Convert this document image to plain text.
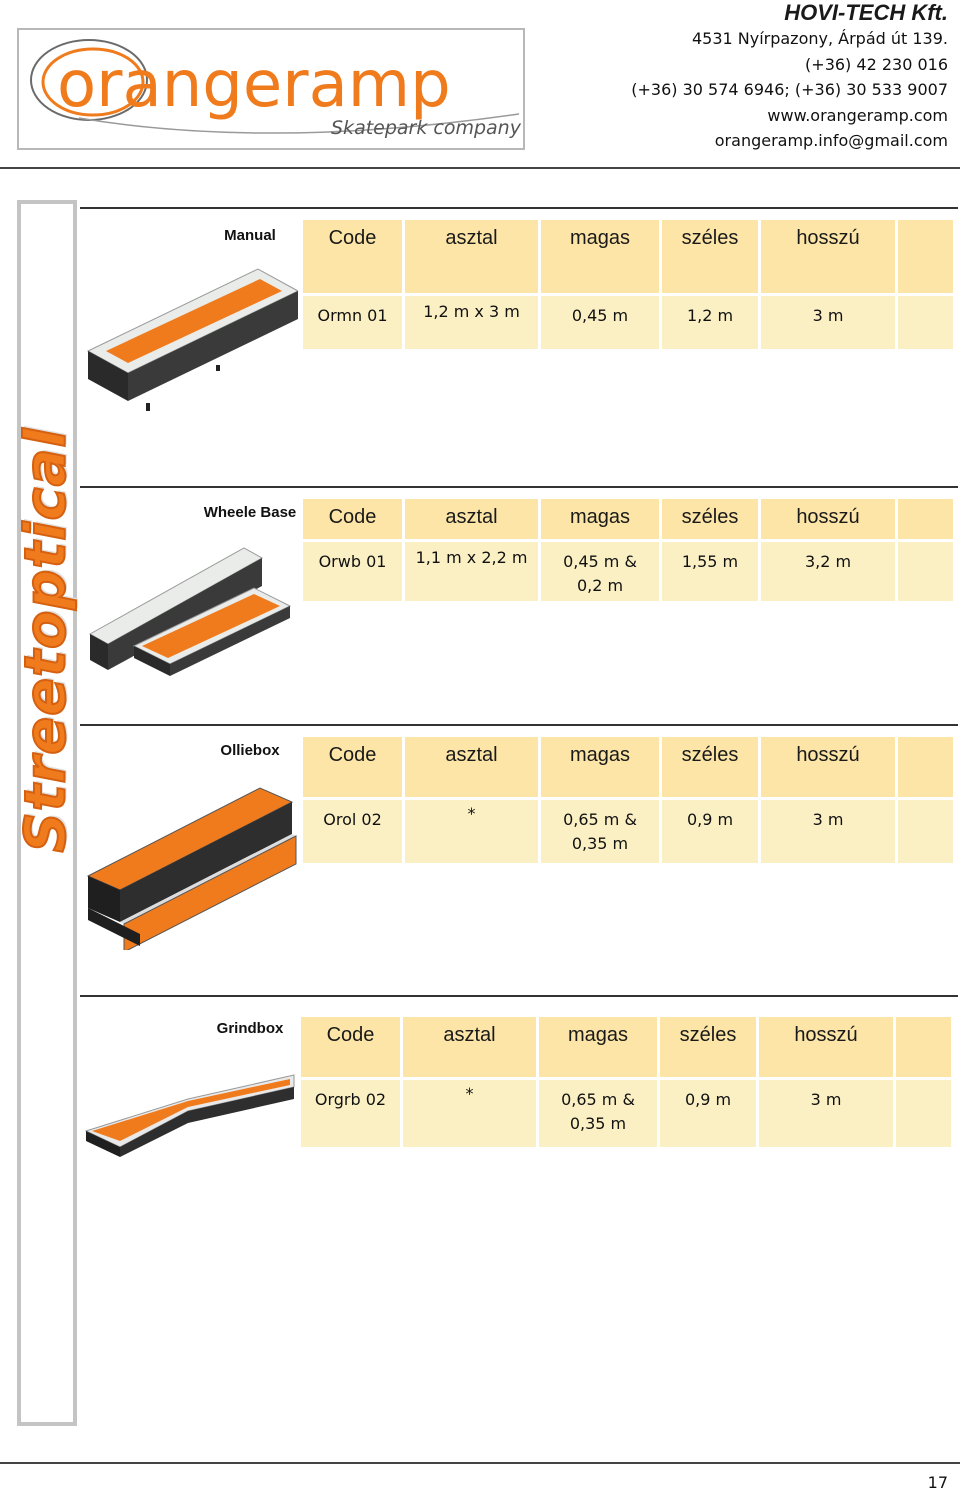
orangeramp
Skatepark company
HOVI-TECH Kft.
4531 Nyírpazony, Árpád út 139.
(+36) 42 230 016
(+36) 30 574 6946; (+36) 30 533 9007
www.orangeramp.com
orangeramp.info@gmail.com
Streetoptical
Manual	Code	asztal	magas	széles	hosszú	
Ormn 01	1,2 m x 3 m	0,45 m	1,2 m	3 m	
Wheele Base	Code	asztal	magas	széles	hosszú	
Orwb 01	1,1 m x 2,2 m	0,45 m & 0,2 m	1,55 m	3,2 m	
Olliebox	Code	asztal	magas	széles	hosszú	
Orol 02	*	0,65 m & 0,35 m	0,9 m	3 m	
Grindbox	Code	asztal	magas	széles	hosszú	
Orgrb 02	*	0,65 m & 0,35 m	0,9 m	3 m	
17
